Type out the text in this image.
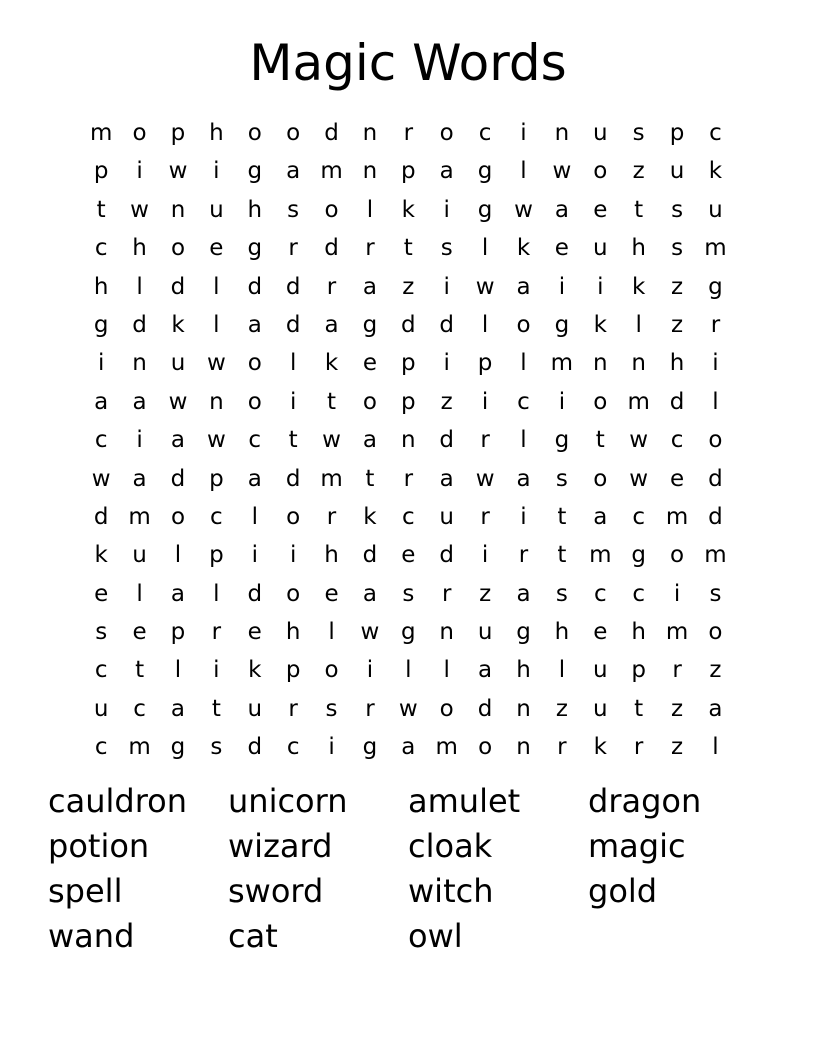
Magic Words
m o	p	h	o	o	d	n	r	o	c	i	n	u	s	p	c
p	i	w	i	g	a m n	p	a	g	l	w o	z	u	k
t	w n	u	h	s	o	l	k	i	g w a	e	t	s	u
c	h	o	e	g	r	d	r	t	s	l	k	e	u	h	s m
h	l	d	l	d	d	r	a	z	i	w a	i	i	k	z	g
g	d	k	l	a	d	a	g	d	d	l	o	g	k	l	z	r
i	n	u w o	l	k	e	p	i	p	l	m n	n	h	i
a	a w n	o	i	t	o	p	z	i	c	i	o m d	l
c	i	a w c	t	w a	n	d	r	l	g	t	w c	o
w a	d	p	a	d m t	r	a w a	s	o w e	d
d m o	c	l	o	r	k	c	u	r	i	t	a	c m d
k	u	l	p	i	i	h	d	e	d	i	r	t m g	o m
e	l	a	l	d	o	e	a	s	r	z	a	s	c	c	i	s
s	e	p	r	e	h	l	w g	n	u	g	h	e	h m o
c	t	l	i	k	p	o	i	l	l	a	h	l	u	p	r	z
u	c	a	t	u	r	s	r	w o	d	n	z	u	t	z	a
c m g	s	d	c	i	g	a m o	n	r	k	r	z	l
cauldron	unicorn	amulet	dragon
potion	wizard	cloak	magic
spell	sword	witch	gold
wand	cat	owl
